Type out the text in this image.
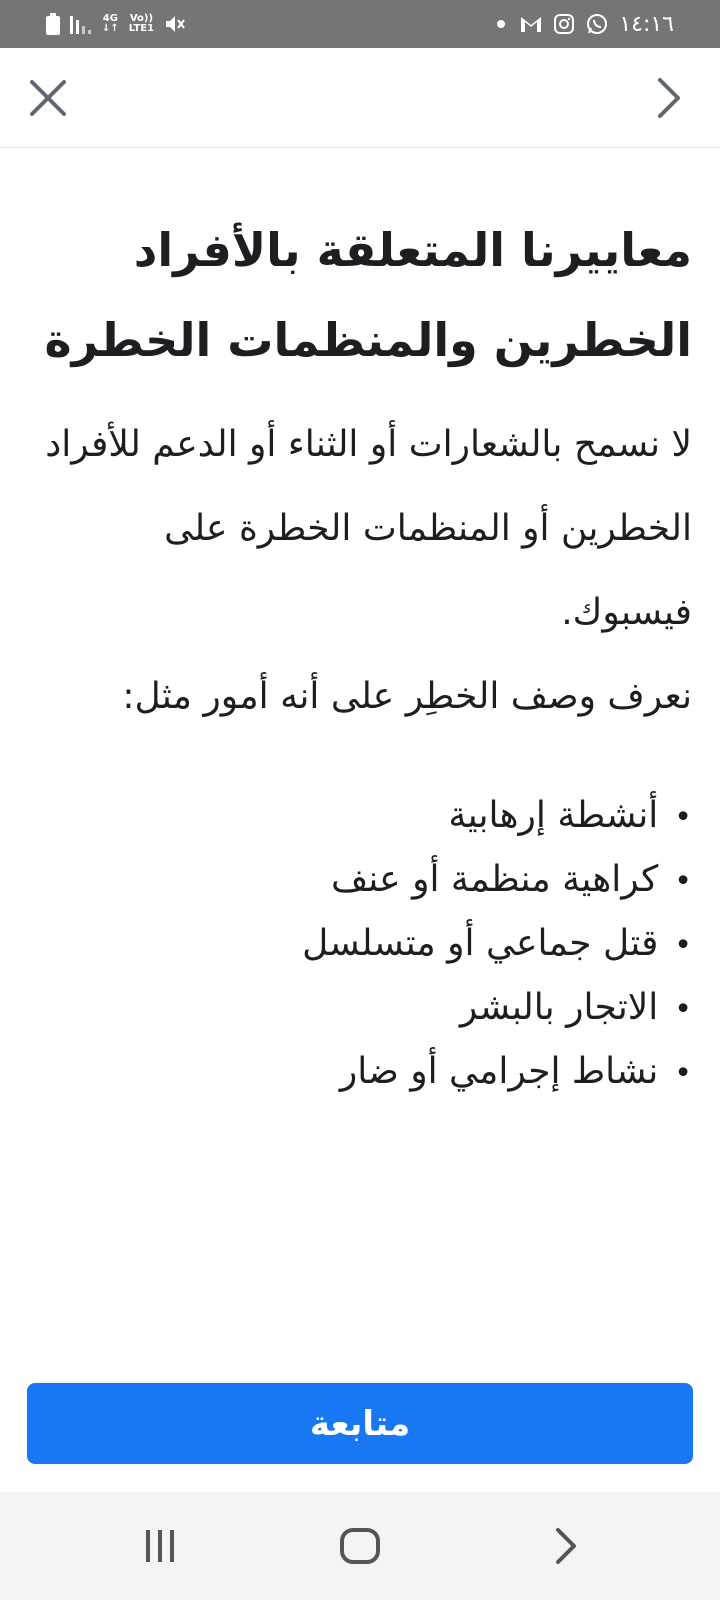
4G
↓↑
Vo))
LTE1	١٤:١٦
معاييرنا المتعلقة بالأفراد الخطرين والمنظمات الخطرة

لا نسمح بالشعارات أو الثناء أو الدعم للأفراد الخطرين أو المنظمات الخطرة على فيسبوك.

نعرف وصف الخطِر على أنه أمور مثل:

• أنشطة إرهابية
• كراهية منظمة أو عنف
• قتل جماعي أو متسلسل
• الاتجار بالبشر
• نشاط إجرامي أو ضار
متابعة
